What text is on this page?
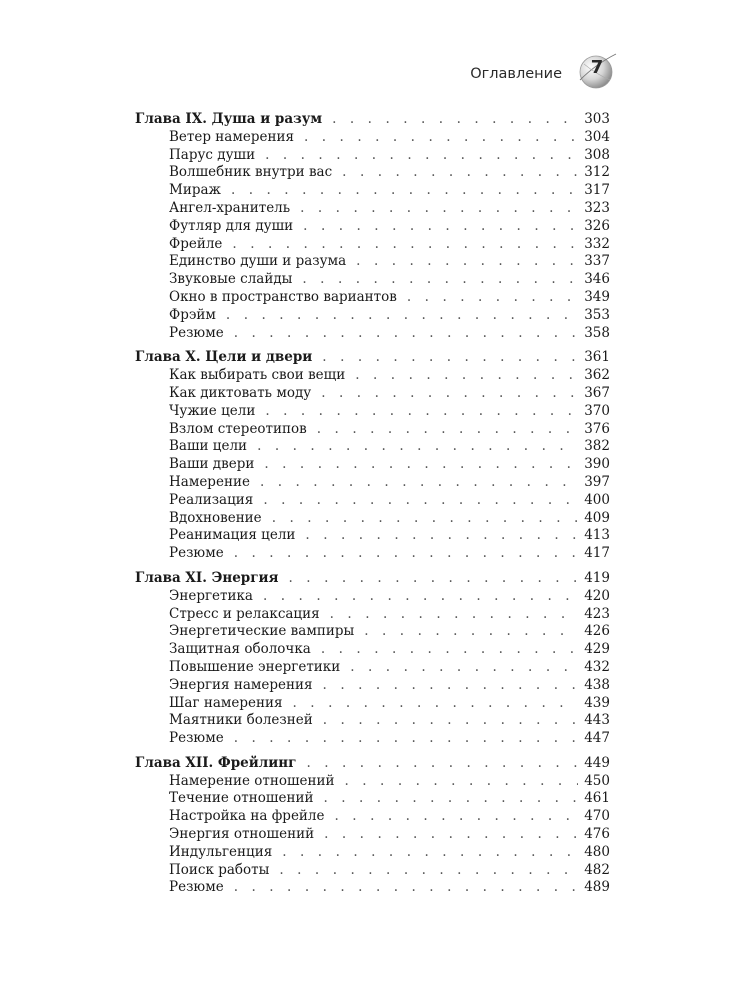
Оглавление	7
Глава IX. Душа и разум . . .	303
Ветер намерения . . .	304
Парус души . . .	308
Волшебник внутри вас . . .	312
Мираж . . .	317
Ангел-хранитель . . .	323
Футляр для души . . .	326
Фрейле . . .	332
Единство души и разума . . .	337
Звуковые слайды . . .	346
Окно в пространство вариантов . . .	349
Фрэйм . . .	353
Резюме . . .	358
Глава X. Цели и двери . . .	361
Как выбирать свои вещи . . .	362
Как диктовать моду . . .	367
Чужие цели . . .	370
Взлом стереотипов . . .	376
Ваши цели . . .	382
Ваши двери . . .	390
Намерение . . .	397
Реализация . . .	400
Вдохновение . . .	409
Реанимация цели . . .	413
Резюме . . .	417
Глава XI. Энергия . . .	419
Энергетика . . .	420
Стресс и релаксация . . .	423
Энергетические вампиры . . .	426
Защитная оболочка . . .	429
Повышение энергетики . . .	432
Энергия намерения . . .	438
Шаг намерения . . .	439
Маятники болезней . . .	443
Резюме . . .	447
Глава XII. Фрейлинг . . .	449
Намерение отношений . . .	450
Течение отношений . . .	461
Настройка на фрейле . . .	470
Энергия отношений . . .	476
Индульгенция . . .	480
Поиск работы . . .	482
Резюме . . .	489
